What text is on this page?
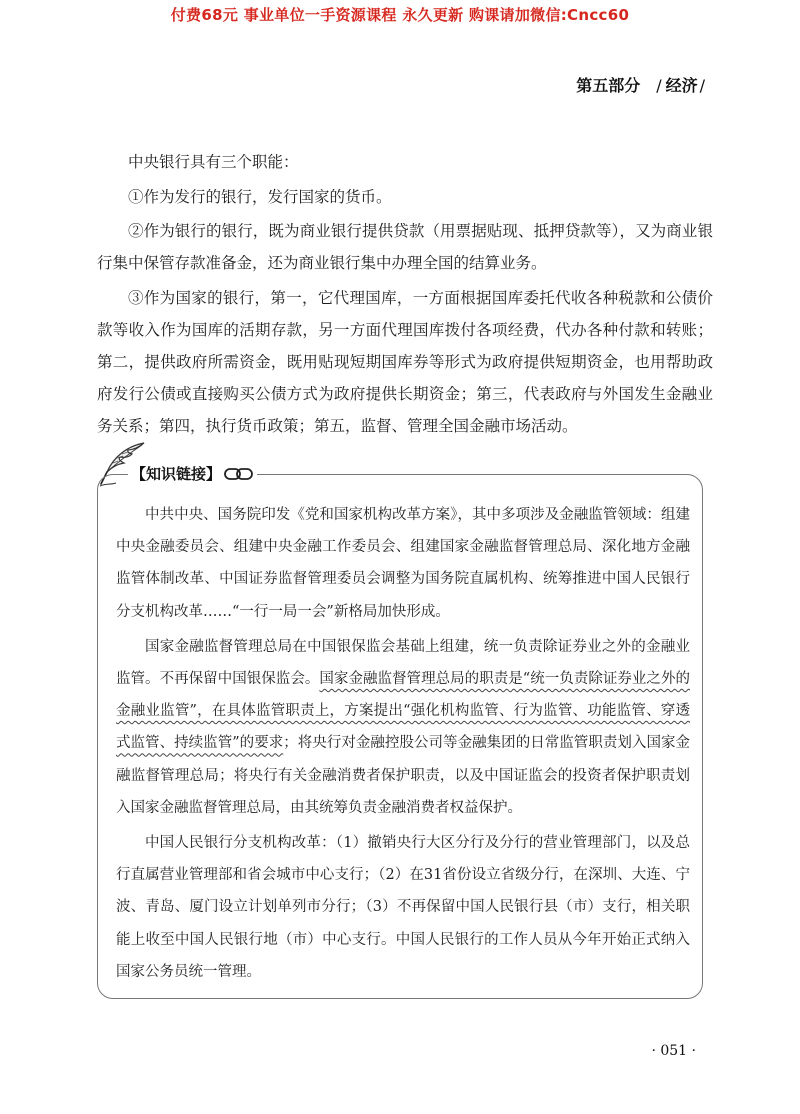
付费68元 事业单位一手资源课程 永久更新 购课请加微信:Cncc60
第五部分 / 经济 /

中央银行具有三个职能：

①作为发行的银行，发行国家的货币。

②作为银行的银行，既为商业银行提供贷款（用票据贴现、抵押贷款等），又为商业银行集中保管存款准备金，还为商业银行集中办理全国的结算业务。

③作为国家的银行，第一，它代理国库，一方面根据国库委托代收各种税款和公债价款等收入作为国库的活期存款，另一方面代理国库拨付各项经费，代办各种付款和转账；第二，提供政府所需资金，既用贴现短期国库券等形式为政府提供短期资金，也用帮助政府发行公债或直接购买公债方式为政府提供长期资金；第三，代表政府与外国发生金融业务关系；第四，执行货币政策；第五，监督、管理全国金融市场活动。

【知识链接】

中共中央、国务院印发《党和国家机构改革方案》，其中多项涉及金融监管领域：组建中央金融委员会、组建中央金融工作委员会、组建国家金融监督管理总局、深化地方金融监管体制改革、中国证券监督管理委员会调整为国务院直属机构、统筹推进中国人民银行分支机构改革……“一行一局一会”新格局加快形成。

国家金融监督管理总局在中国银保监会基础上组建，统一负责除证券业之外的金融业监管。不再保留中国银保监会。国家金融监督管理总局的职责是“统一负责除证券业之外的金融业监管”，在具体监管职责上，方案提出“强化机构监管、行为监管、功能监管、穿透式监管、持续监管”的要求；将央行对金融控股公司等金融集团的日常监管职责划入国家金融监督管理总局；将央行有关金融消费者保护职责，以及中国证监会的投资者保护职责划入国家金融监督管理总局，由其统筹负责金融消费者权益保护。

中国人民银行分支机构改革：（1）撤销央行大区分行及分行的营业管理部门，以及总行直属营业管理部和省会城市中心支行；（2）在31省份设立省级分行，在深圳、大连、宁波、青岛、厦门设立计划单列市分行；（3）不再保留中国人民银行县（市）支行，相关职能上收至中国人民银行地（市）中心支行。中国人民银行的工作人员从今年开始正式纳入国家公务员统一管理。

· 051 ·
